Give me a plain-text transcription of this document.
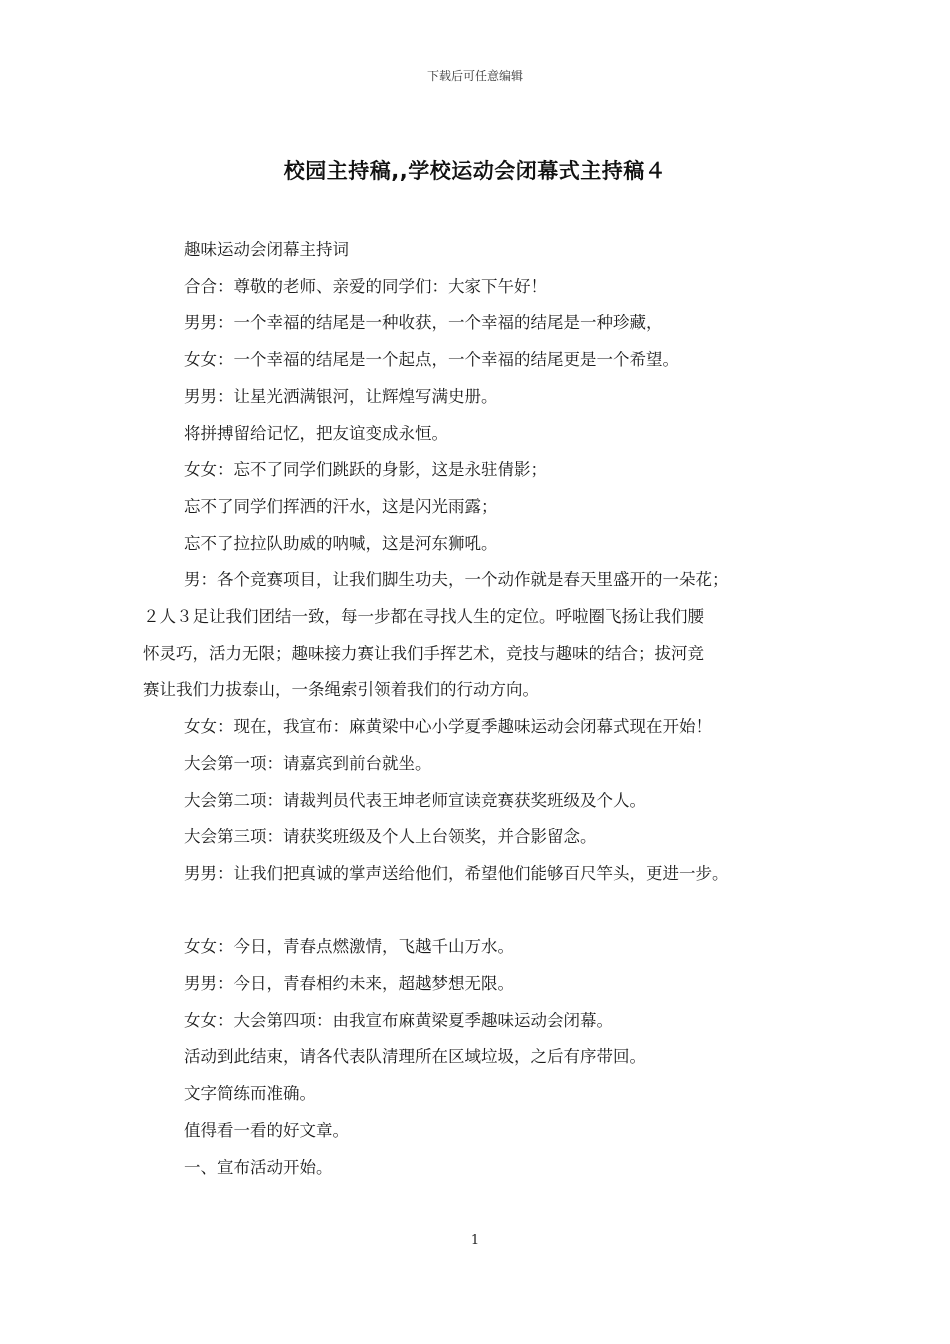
下载后可任意编辑
校园主持稿,,学校运动会闭幕式主持稿４

趣味运动会闭幕主持词

合合：尊敬的老师、亲爱的同学们：大家下午好！

男男：一个幸福的结尾是一种收获，一个幸福的结尾是一种珍藏，

女女：一个幸福的结尾是一个起点，一个幸福的结尾更是一个希望。

男男：让星光洒满银河，让辉煌写满史册。

将拼搏留给记忆，把友谊变成永恒。

女女：忘不了同学们跳跃的身影，这是永驻倩影；

忘不了同学们挥洒的汗水，这是闪光雨露；

忘不了拉拉队助威的呐喊，这是河东狮吼。

男：各个竞赛项目，让我们脚生功夫，一个动作就是春天里盛开的一朵花；

２人３足让我们团结一致，每一步都在寻找人生的定位。呼啦圈飞扬让我们腰

怀灵巧，活力无限；趣味接力赛让我们手挥艺术，竞技与趣味的结合；拔河竞

赛让我们力拔泰山，一条绳索引领着我们的行动方向。

女女：现在，我宣布：麻黄梁中心小学夏季趣味运动会闭幕式现在开始！

大会第一项：请嘉宾到前台就坐。

大会第二项：请裁判员代表王坤老师宣读竞赛获奖班级及个人。

大会第三项：请获奖班级及个人上台领奖，并合影留念。

男男：让我们把真诚的掌声送给他们，希望他们能够百尺竿头，更进一步。

女女：今日，青春点燃激情，飞越千山万水。

男男：今日，青春相约未来，超越梦想无限。

女女：大会第四项：由我宣布麻黄梁夏季趣味运动会闭幕。

活动到此结束，请各代表队清理所在区域垃圾，之后有序带回。

文字简练而准确。

值得看一看的好文章。

一、宣布活动开始。

1
